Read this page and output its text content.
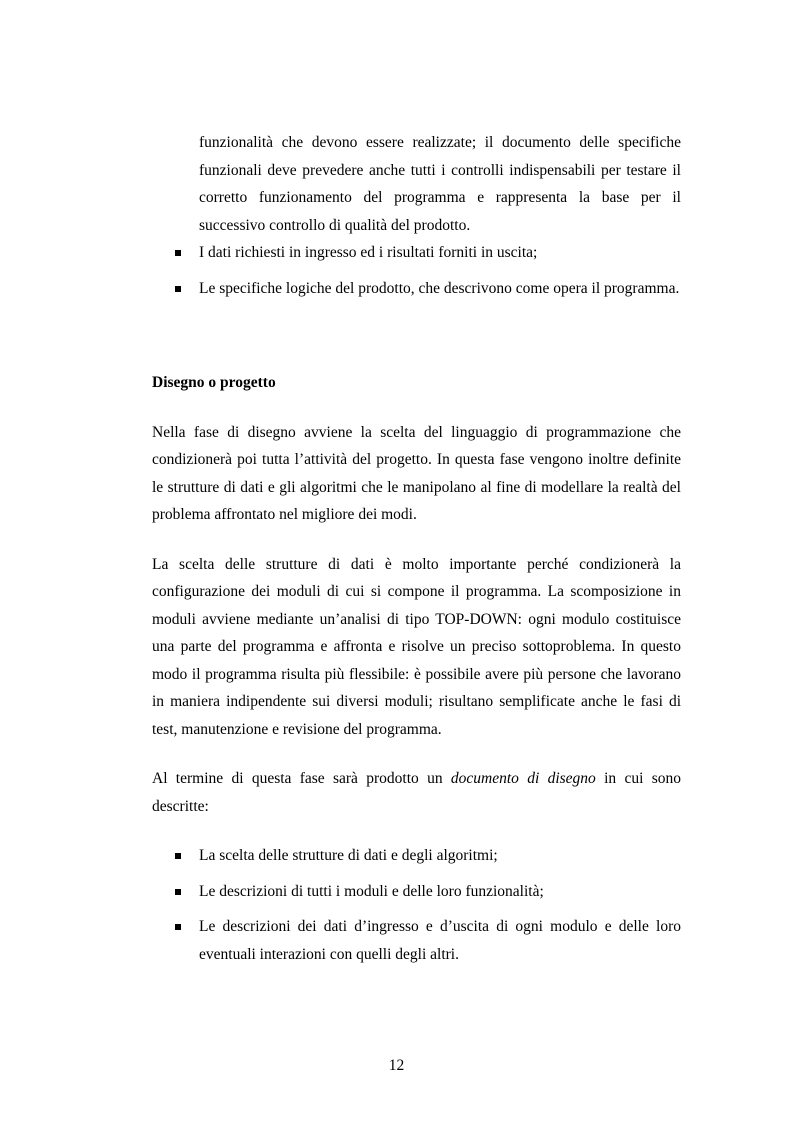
funzionalità che devono essere realizzate; il documento delle specifiche funzionali deve prevedere anche tutti i controlli indispensabili per testare il corretto funzionamento del programma e rappresenta la base per il successivo controllo di qualità del prodotto.

I dati richiesti in ingresso ed i risultati forniti in uscita;
Le specifiche logiche del prodotto, che descrivono come opera il programma.
Disegno o progetto

Nella fase di disegno avviene la scelta del linguaggio di programmazione che condizionerà poi tutta l’attività del progetto. In questa fase vengono inoltre definite le strutture di dati e gli algoritmi che le manipolano al fine di modellare la realtà del problema affrontato nel migliore dei modi.

La scelta delle strutture di dati è molto importante perché condizionerà la configurazione dei moduli di cui si compone il programma. La scomposizione in moduli avviene mediante un’analisi di tipo TOP-DOWN: ogni modulo costituisce una parte del programma e affronta e risolve un preciso sottoproblema. In questo modo il programma risulta più flessibile: è possibile avere più persone che lavorano in maniera indipendente sui diversi moduli; risultano semplificate anche le fasi di test, manutenzione e revisione del programma.

Al termine di questa fase sarà prodotto un documento di disegno in cui sono descritte:

La scelta delle strutture di dati e degli algoritmi;
Le descrizioni di tutti i moduli e delle loro funzionalità;
Le descrizioni dei dati d’ingresso e d’uscita di ogni modulo e delle loro eventuali interazioni con quelli degli altri.
12
